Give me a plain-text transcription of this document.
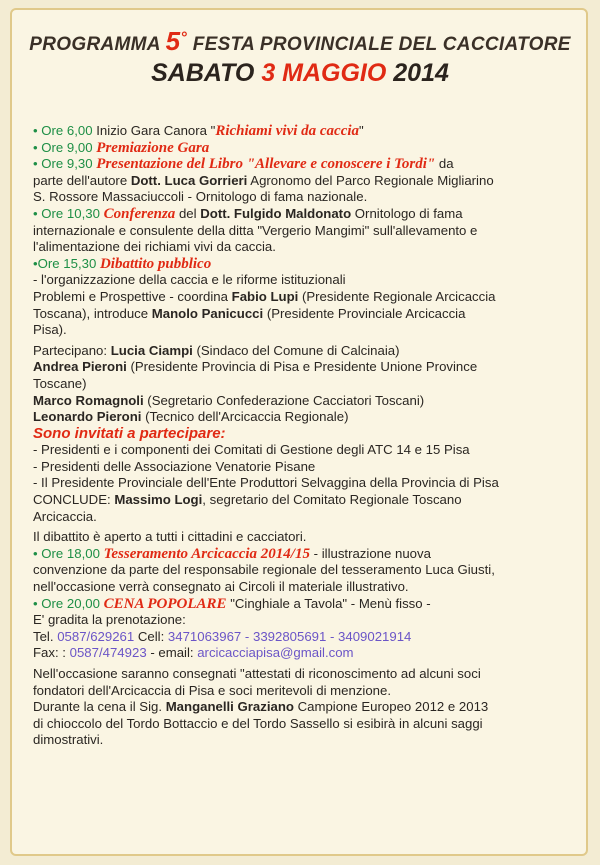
PROGRAMMA 5° FESTA PROVINCIALE DEL CACCIATORE
SABATO 3 MAGGIO 2014
• Ore 6,00 Inizio Gara Canora "Richiami vivi da caccia"
• Ore 9,00 Premiazione Gara
• Ore 9,30 Presentazione del Libro "Allevare e conoscere i Tordi" da
parte dell'autore Dott. Luca Gorrieri Agronomo del Parco Regionale Migliarino
S. Rossore Massaciuccoli - Ornitologo di fama nazionale.
• Ore 10,30 Conferenza del Dott. Fulgido Maldonato Ornitologo di fama
internazionale e consulente della ditta "Vergerio Mangimi" sull'allevamento e
l'alimentazione dei richiami vivi da caccia.
•Ore 15,30 Dibattito pubblico
- l'organizzazione della caccia e le riforme istituzionali
Problemi e Prospettive - coordina Fabio Lupi (Presidente Regionale Arcicaccia
Toscana), introduce Manolo Panicucci (Presidente Provinciale Arcicaccia
Pisa).
Partecipano: Lucia Ciampi (Sindaco del Comune di Calcinaia)
Andrea Pieroni (Presidente Provincia di Pisa e Presidente Unione Province
Toscane)
Marco Romagnoli (Segretario Confederazione Cacciatori Toscani)
Leonardo Pieroni (Tecnico dell'Arcicaccia Regionale)
Sono invitati a partecipare:
- Presidenti e i componenti dei Comitati di Gestione degli ATC 14 e 15 Pisa
- Presidenti delle Associazione Venatorie Pisane
- Il Presidente Provinciale dell'Ente Produttori Selvaggina della Provincia di Pisa
CONCLUDE: Massimo Logi, segretario del Comitato Regionale Toscano
Arcicaccia.
Il dibattito è aperto a tutti i cittadini e cacciatori.
• Ore 18,00 Tesseramento Arcicaccia 2014/15 - illustrazione nuova
convenzione da parte del responsabile regionale del tesseramento Luca Giusti,
nell'occasione verrà consegnato ai Circoli il materiale illustrativo.
• Ore 20,00 CENA POPOLARE "Cinghiale a Tavola" - Menù fisso -
E' gradita la prenotazione:
Tel. 0587/629261 Cell: 3471063967 - 3392805691 - 3409021914
Fax: : 0587/474923 - email: arcicacciapisa@gmail.com
Nell'occasione saranno consegnati "attestati di riconoscimento ad alcuni soci
fondatori dell'Arcicaccia di Pisa e soci meritevoli di menzione.
Durante la cena il Sig. Manganelli Graziano Campione Europeo 2012 e 2013
di chioccolo del Tordo Bottaccio e del Tordo Sassello si esibirà in alcuni saggi
dimostrativi.
